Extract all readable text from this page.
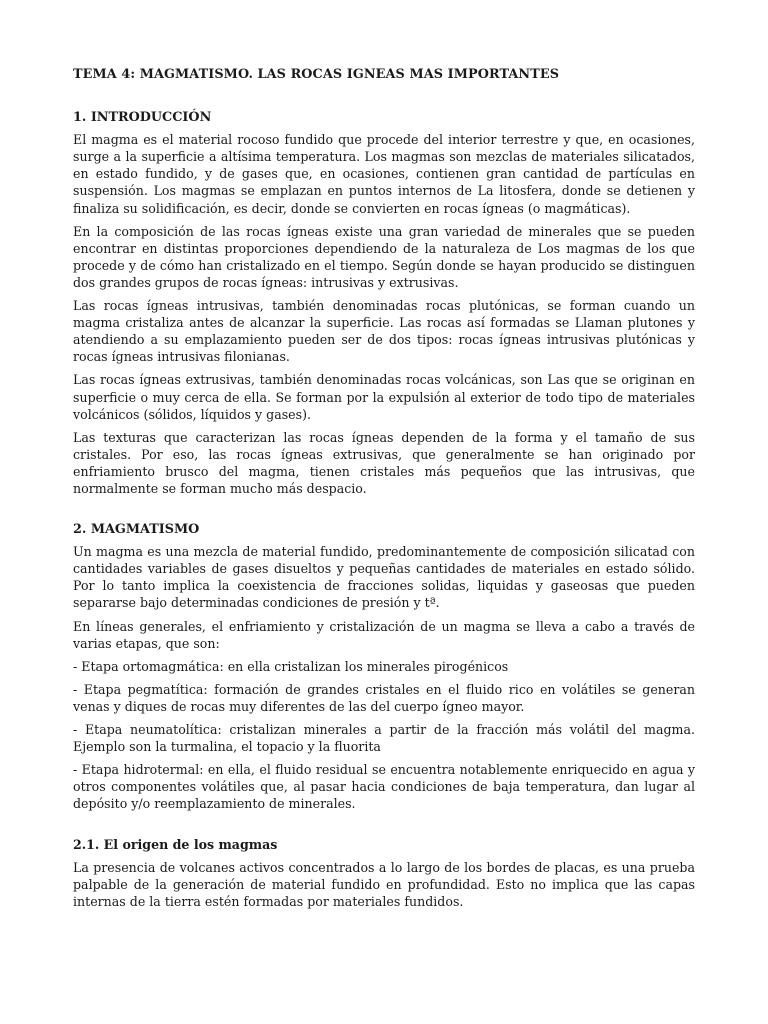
TEMA 4: MAGMATISMO. LAS ROCAS IGNEAS MAS IMPORTANTES
1. INTRODUCCIÓN

El magma es el material rocoso fundido que procede del interior terrestre y que, en ocasiones, surge a la superficie a altísima temperatura. Los magmas son mezclas de materiales silicatados, en estado fundido, y de gases que, en ocasiones, contienen gran cantidad de partículas en suspensión. Los magmas se emplazan en puntos internos de La litosfera, donde se detienen y finaliza su solidificación, es decir, donde se convierten en rocas ígneas (o magmáticas).

En la composición de las rocas ígneas existe una gran variedad de minerales que se pueden encontrar en distintas proporciones dependiendo de la naturaleza de Los magmas de los que procede y de cómo han cristalizado en el tiempo. Según donde se hayan producido se distinguen dos grandes grupos de rocas ígneas: intrusivas y extrusivas.

Las rocas ígneas intrusivas, también denominadas rocas plutónicas, se forman cuando un magma cristaliza antes de alcanzar la superficie. Las rocas así formadas se Llaman plutones y atendiendo a su emplazamiento pueden ser de dos tipos: rocas ígneas intrusivas plutónicas y rocas ígneas intrusivas filonianas.

Las rocas ígneas extrusivas, también denominadas rocas volcánicas, son Las que se originan en superficie o muy cerca de ella. Se forman por la expulsión al exterior de todo tipo de materiales volcánicos (sólidos, líquidos y gases).

Las texturas que caracterizan las rocas ígneas dependen de la forma y el tamaño de sus cristales. Por eso, las rocas ígneas extrusivas, que generalmente se han originado por enfriamiento brusco del magma, tienen cristales más pequeños que las intrusivas, que normalmente se forman mucho más despacio.

2. MAGMATISMO

Un magma es una mezcla de material fundido, predominantemente de composición silicatad con cantidades variables de gases disueltos y pequeñas cantidades de materiales en estado sólido. Por lo tanto implica la coexistencia de fracciones solidas, liquidas y gaseosas que pueden separarse bajo determinadas condiciones de presión y tª.

En líneas generales, el enfriamiento y cristalización de un magma se lleva a cabo a través de varias etapas, que son:

- Etapa ortomagmática: en ella cristalizan los minerales pirogénicos

- Etapa pegmatítica: formación de grandes cristales en el fluido rico en volátiles se generan venas y diques de rocas muy diferentes de las del cuerpo ígneo mayor.

- Etapa neumatolítica: cristalizan minerales a partir de la fracción más volátil del magma. Ejemplo son la turmalina, el topacio y la fluorita

- Etapa hidrotermal: en ella, el fluido residual se encuentra notablemente enriquecido en agua y otros componentes volátiles que, al pasar hacia condiciones de baja temperatura, dan lugar al depósito y/o reemplazamiento de minerales.

2.1. El origen de los magmas

La presencia de volcanes activos concentrados a lo largo de los bordes de placas, es una prueba palpable de la generación de material fundido en profundidad. Esto no implica que las capas internas de la tierra estén formadas por materiales fundidos.
